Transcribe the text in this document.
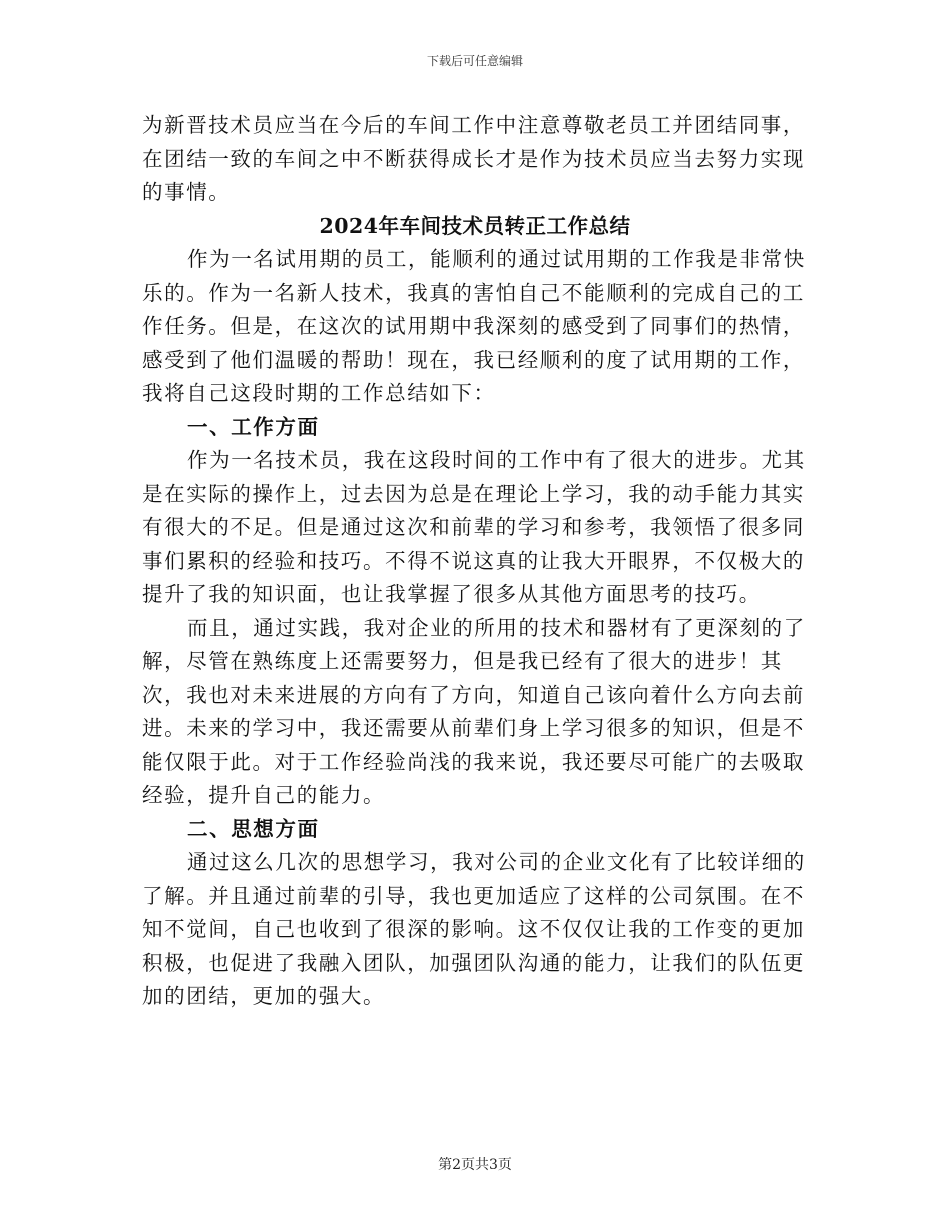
下载后可任意编辑

为新晋技术员应当在今后的车间工作中注意尊敬老员工并团结同事，在团结一致的车间之中不断获得成长才是作为技术员应当去努力实现的事情。

2024年车间技术员转正工作总结

作为一名试用期的员工，能顺利的通过试用期的工作我是非常快乐的。作为一名新人技术，我真的害怕自己不能顺利的完成自己的工作任务。但是，在这次的试用期中我深刻的感受到了同事们的热情，感受到了他们温暖的帮助！现在，我已经顺利的度了试用期的工作，我将自己这段时期的工作总结如下：

一、工作方面

作为一名技术员，我在这段时间的工作中有了很大的进步。尤其是在实际的操作上，过去因为总是在理论上学习，我的动手能力其实有很大的不足。但是通过这次和前辈的学习和参考，我领悟了很多同事们累积的经验和技巧。不得不说这真的让我大开眼界，不仅极大的提升了我的知识面，也让我掌握了很多从其他方面思考的技巧。

而且，通过实践，我对企业的所用的技术和器材有了更深刻的了解，尽管在熟练度上还需要努力，但是我已经有了很大的进步！其次，我也对未来进展的方向有了方向，知道自己该向着什么方向去前进。未来的学习中，我还需要从前辈们身上学习很多的知识，但是不能仅限于此。对于工作经验尚浅的我来说，我还要尽可能广的去吸取经验，提升自己的能力。

二、思想方面

通过这么几次的思想学习，我对公司的企业文化有了比较详细的了解。并且通过前辈的引导，我也更加适应了这样的公司氛围。在不知不觉间，自己也收到了很深的影响。这不仅仅让我的工作变的更加积极，也促进了我融入团队，加强团队沟通的能力，让我们的队伍更加的团结，更加的强大。

第2页共3页
